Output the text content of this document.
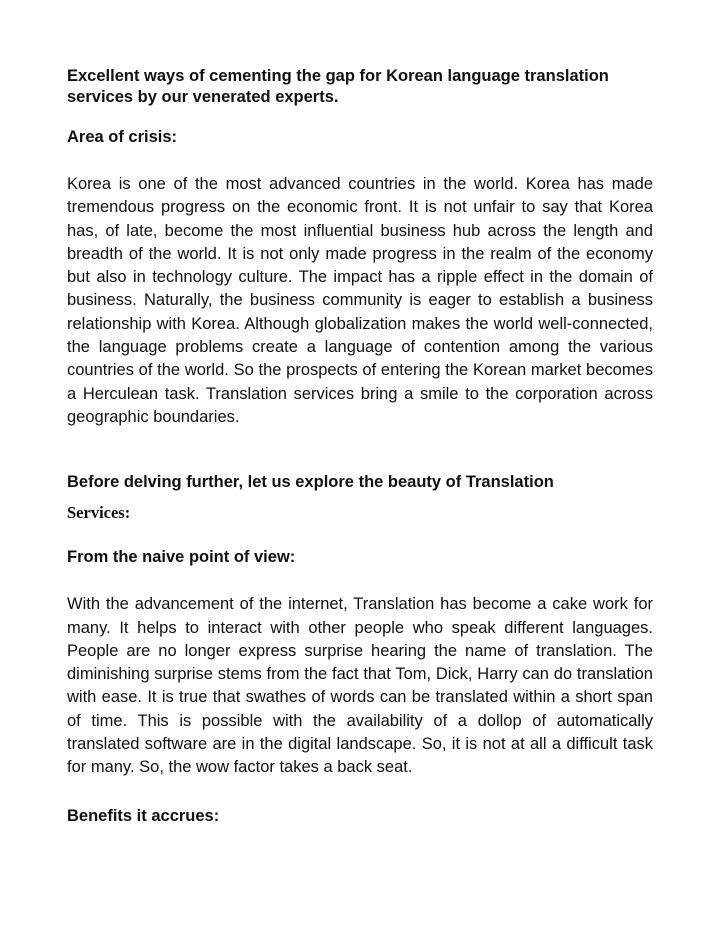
Excellent ways of cementing the gap for Korean language translation services by our venerated experts.
Area of crisis:

Korea is one of the most advanced countries in the world. Korea has made tremendous progress on the economic front. It is not unfair to say that Korea has, of late, become the most influential business hub across the length and breadth of the world. It is not only made progress in the realm of the economy but also in technology culture. The impact has a ripple effect in the domain of business. Naturally, the business community is eager to establish a business relationship with Korea. Although globalization makes the world well-connected, the language problems create a language of contention among the various countries of the world. So the prospects of entering the Korean market becomes a Herculean task. Translation services bring a smile to the corporation across geographic boundaries.

Before delving further, let us explore the beauty of Translation
Services:
From the naive point of view:

With the advancement of the internet, Translation has become a cake work for many. It helps to interact with other people who speak different languages. People are no longer express surprise hearing the name of translation. The diminishing surprise stems from the fact that Tom, Dick, Harry can do translation with ease. It is true that swathes of words can be translated within a short span of time. This is possible with the availability of a dollop of automatically translated software are in the digital landscape. So, it is not at all a difficult task for many. So, the wow factor takes a back seat.

Benefits it accrues:
